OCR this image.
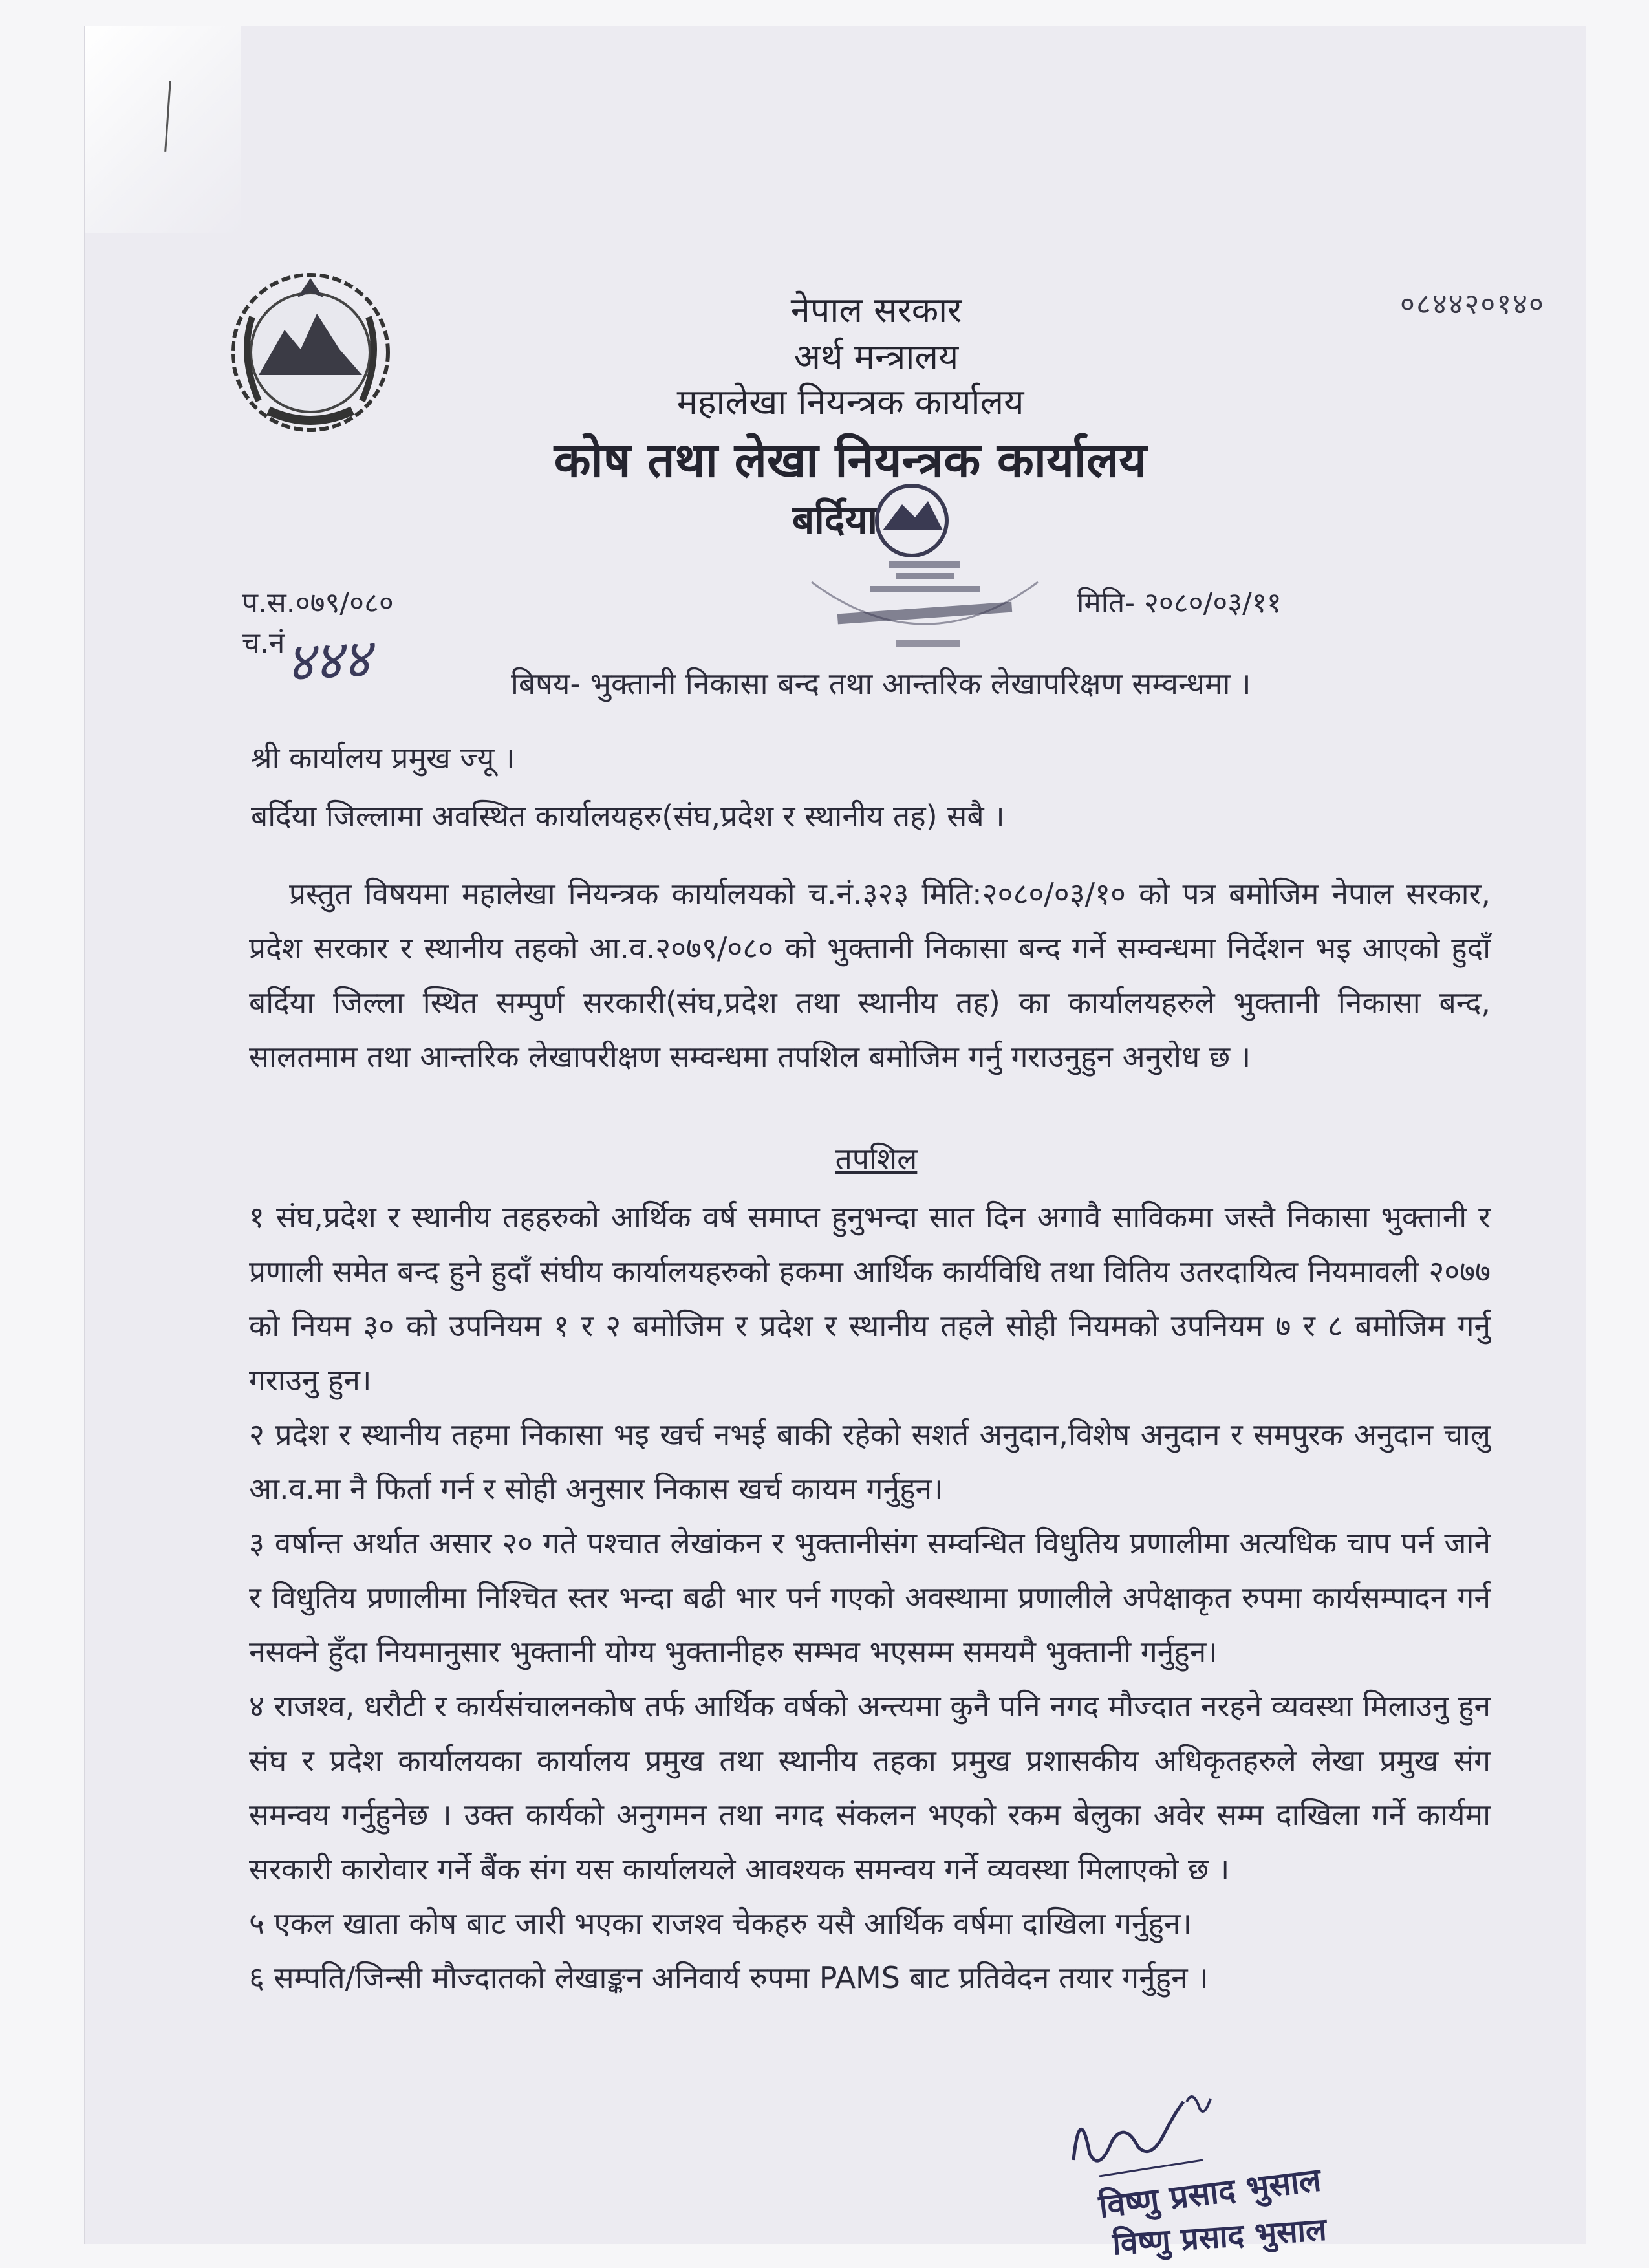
०८४४२०१४०
नेपाल सरकार
अर्थ मन्त्रालय
महालेखा नियन्त्रक कार्यालय
कोष तथा लेखा नियन्त्रक कार्यालय
बर्दिया
प.स.०७९/०८०
च.नं ४४४
मिति- २०८०/०३/११
बिषय- भुक्तानी निकासा बन्द तथा आन्तरिक लेखापरिक्षण सम्वन्धमा ।
श्री कार्यालय प्रमुख ज्यू ।
बर्दिया जिल्लामा अवस्थित कार्यालयहरु(संघ,प्रदेश र स्थानीय तह) सबै ।
प्रस्तुत विषयमा महालेखा नियन्त्रक कार्यालयको च.नं.३२३ मिति:२०८०/०३/१० को पत्र बमोजिम नेपाल सरकार, प्रदेश सरकार र स्थानीय तहको आ.व.२०७९/०८० को भुक्तानी निकासा बन्द गर्ने सम्वन्धमा निर्देशन भइ आएको हुदाँ बर्दिया जिल्ला स्थित सम्पुर्ण सरकारी(संघ,प्रदेश तथा स्थानीय तह) का कार्यालयहरुले भुक्तानी निकासा बन्द, सालतमाम तथा आन्तरिक लेखापरीक्षण सम्वन्धमा तपशिल बमोजिम गर्नु गराउनुहुन अनुरोध छ ।
तपशिल

१ संघ,प्रदेश र स्थानीय तहहरुको आर्थिक वर्ष समाप्त हुनुभन्दा सात दिन अगावै साविकमा जस्तै निकासा भुक्तानी र प्रणाली समेत बन्द हुने हुदाँ संघीय कार्यालयहरुको हकमा आर्थिक कार्यविधि तथा वितिय उतरदायित्व नियमावली २०७७ को नियम ३० को उपनियम १ र २ बमोजिम र प्रदेश र स्थानीय तहले सोही नियमको उपनियम ७ र ८ बमोजिम गर्नु गराउनु हुन।

२ प्रदेश र स्थानीय तहमा निकासा भइ खर्च नभई बाकी रहेको सशर्त अनुदान,विशेष अनुदान र समपुरक अनुदान चालु आ.व.मा नै फिर्ता गर्न र सोही अनुसार निकास खर्च कायम गर्नुहुन।

३ वर्षान्त अर्थात असार २० गते पश्चात लेखांकन र भुक्तानीसंग सम्वन्धित विधुतिय प्रणालीमा अत्यधिक चाप पर्न जाने र विधुतिय प्रणालीमा निश्चित स्तर भन्दा बढी भार पर्न गएको अवस्थामा प्रणालीले अपेक्षाकृत रुपमा कार्यसम्पादन गर्न नसक्ने हुँदा नियमानुसार भुक्तानी योग्य भुक्तानीहरु सम्भव भएसम्म समयमै भुक्तानी गर्नुहुन।

४ राजश्व, धरौटी र कार्यसंचालनकोष तर्फ आर्थिक वर्षको अन्त्यमा कुनै पनि नगद मौज्दात नरहने व्यवस्था मिलाउनु हुन संघ र प्रदेश कार्यालयका कार्यालय प्रमुख तथा स्थानीय तहका प्रमुख प्रशासकीय अधिकृतहरुले लेखा प्रमुख संग समन्वय गर्नुहुनेछ । उक्त कार्यको अनुगमन तथा नगद संकलन भएको रकम बेलुका अवेर सम्म दाखिला गर्ने कार्यमा सरकारी कारोवार गर्ने बैंक संग यस कार्यालयले आवश्यक समन्वय गर्ने व्यवस्था मिलाएको छ ।

५ एकल खाता कोष बाट जारी भएका राजश्व चेकहरु यसै आर्थिक वर्षमा दाखिला गर्नुहुन।

६ सम्पति/जिन्सी मौज्दातको लेखाङ्कन अनिवार्य रुपमा PAMS बाट प्रतिवेदन तयार गर्नुहुन ।

विष्णु प्रसाद भुसाल
विष्णु प्रसाद भुसाल
